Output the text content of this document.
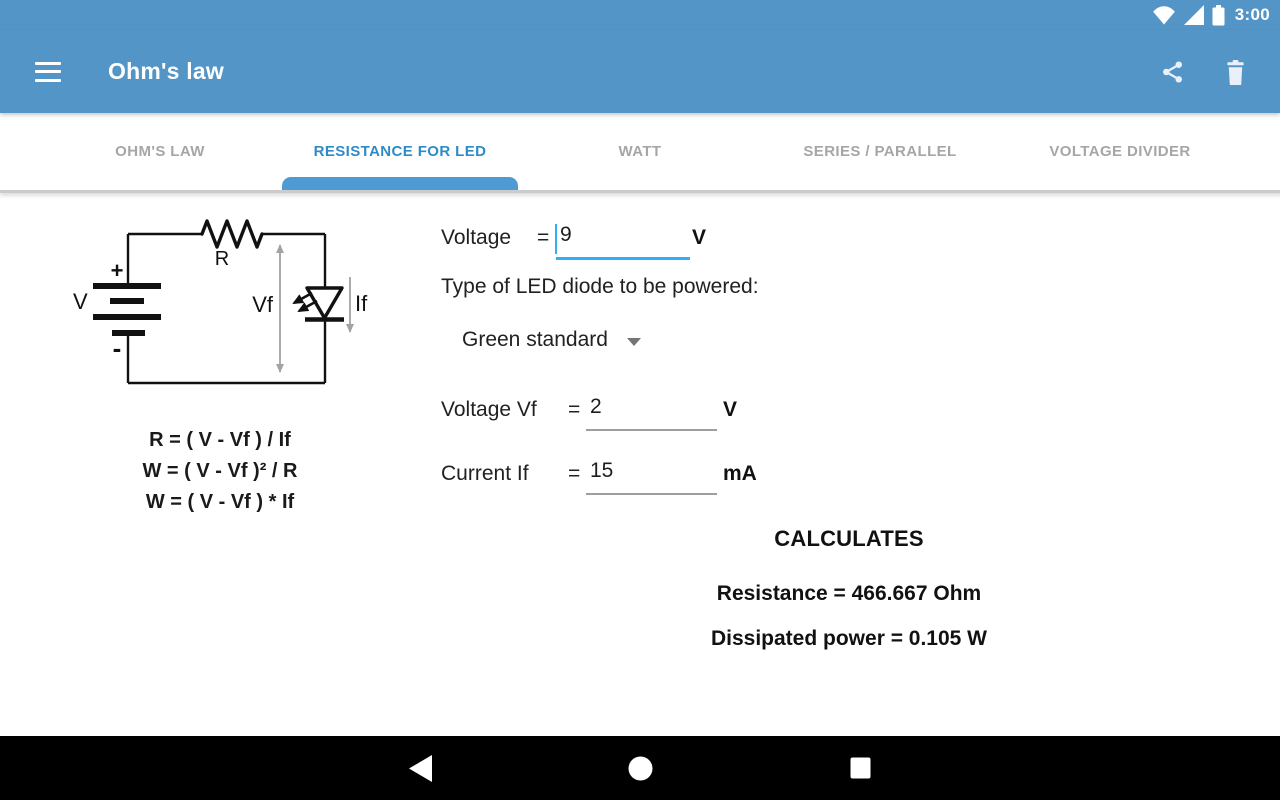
3:00
Ohm's law
OHM'S LAW	RESISTANCE FOR LED	WATT	SERIES / PARALLEL	VOLTAGE DIVIDER
R
+
-
V	Vf	If
R = ( V - Vf ) / If
W = ( V - Vf )² / R
W = ( V - Vf ) * If
Voltage =
9	V
Type of LED diode to be powered:
Green standard
Voltage Vf =
2	V
Current If =
15	mA
CALCULATES
Resistance = 466.667 Ohm
Dissipated power = 0.105 W
